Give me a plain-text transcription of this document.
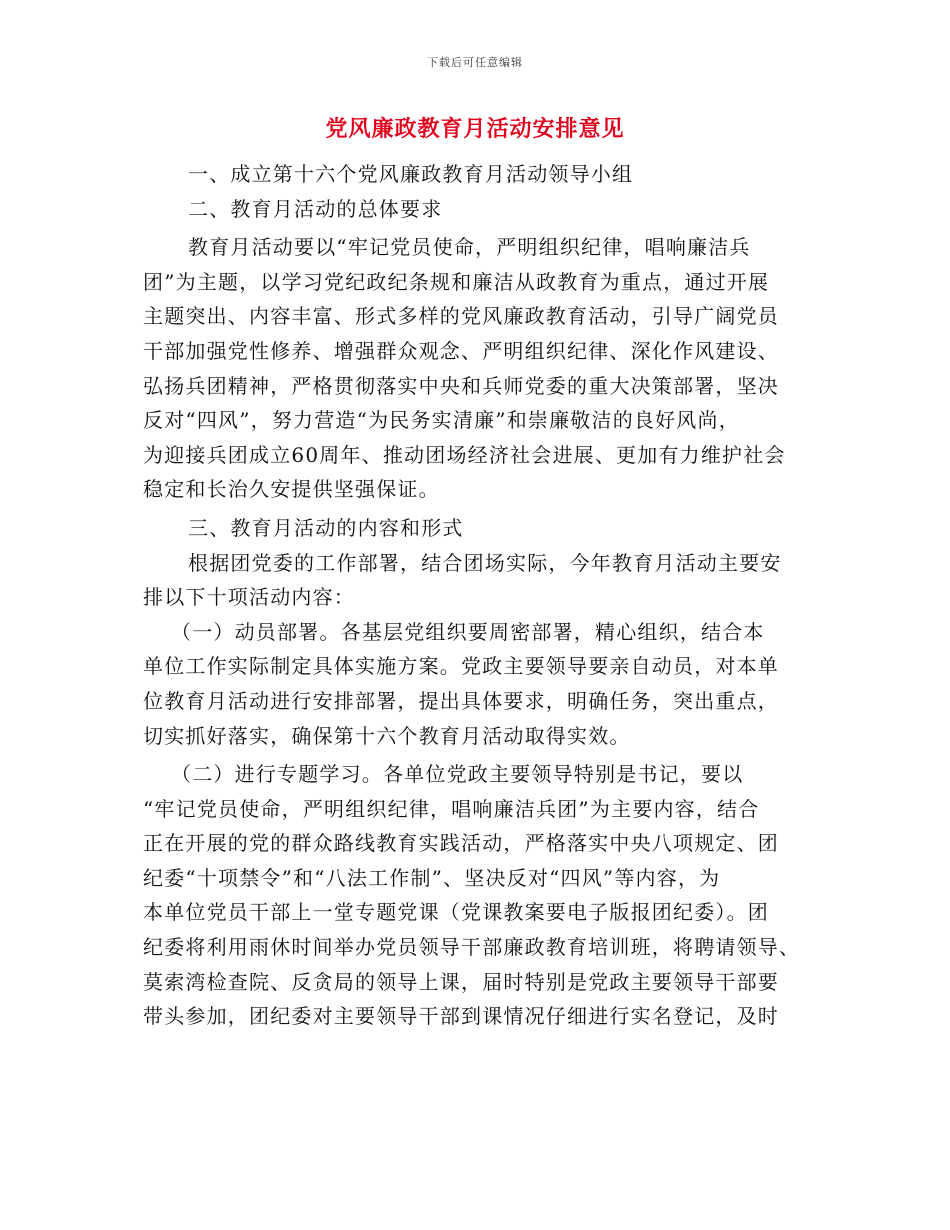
下载后可任意编辑
党风廉政教育月活动安排意见
一、成立第十六个党风廉政教育月活动领导小组
二、教育月活动的总体要求
教育月活动要以“牢记党员使命，严明组织纪律，唱响廉洁兵
团”为主题，以学习党纪政纪条规和廉洁从政教育为重点，通过开展
主题突出、内容丰富、形式多样的党风廉政教育活动，引导广阔党员
干部加强党性修养、增强群众观念、严明组织纪律、深化作风建设、
弘扬兵团精神，严格贯彻落实中央和兵师党委的重大决策部署，坚决
反对“四风”，努力营造“为民务实清廉”和崇廉敬洁的良好风尚，
为迎接兵团成立60周年、推动团场经济社会进展、更加有力维护社会
稳定和长治久安提供坚强保证。
三、教育月活动的内容和形式
根据团党委的工作部署，结合团场实际，今年教育月活动主要安
排以下十项活动内容：
（一）动员部署。各基层党组织要周密部署，精心组织，结合本
单位工作实际制定具体实施方案。党政主要领导要亲自动员，对本单
位教育月活动进行安排部署，提出具体要求，明确任务，突出重点，
切实抓好落实，确保第十六个教育月活动取得实效。
（二）进行专题学习。各单位党政主要领导特别是书记，要以
“牢记党员使命，严明组织纪律，唱响廉洁兵团”为主要内容，结合
正在开展的党的群众路线教育实践活动，严格落实中央八项规定、团
纪委“十项禁令”和“八法工作制”、坚决反对“四风”等内容，为
本单位党员干部上一堂专题党课（党课教案要电子版报团纪委）。团
纪委将利用雨休时间举办党员领导干部廉政教育培训班，将聘请领导、
莫索湾检查院、反贪局的领导上课，届时特别是党政主要领导干部要
带头参加，团纪委对主要领导干部到课情况仔细进行实名登记，及时
